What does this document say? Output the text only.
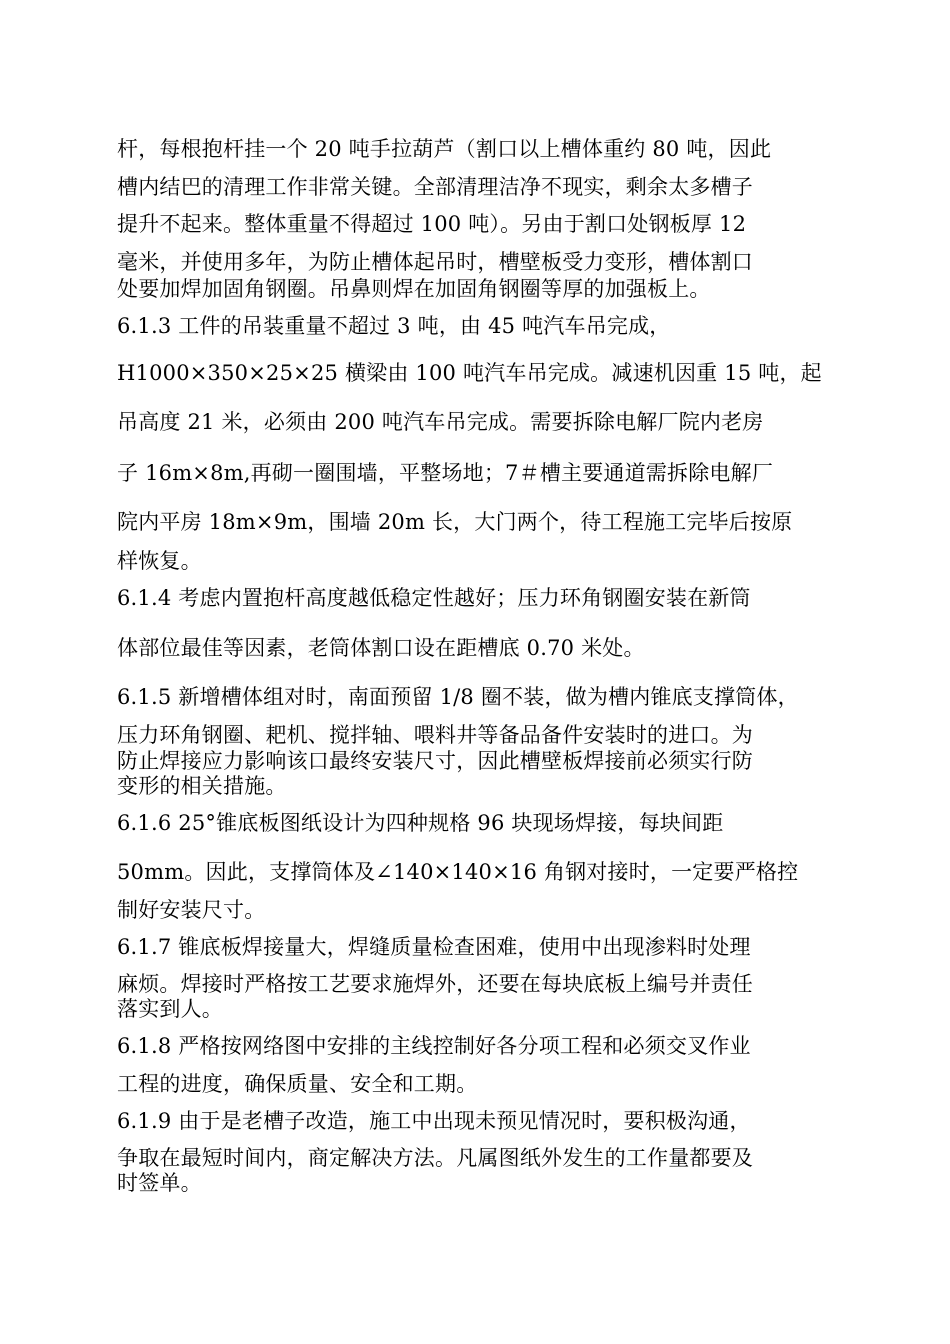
杆，每根抱杆挂一个 20 吨手拉葫芦（割口以上槽体重约 80 吨，因此
槽内结巴的清理工作非常关键。全部清理洁净不现实，剩余太多槽子
提升不起来。整体重量不得超过 100 吨）。另由于割口处钢板厚 12
毫米，并使用多年，为防止槽体起吊时，槽壁板受力变形，槽体割口
处要加焊加固角钢圈。吊鼻则焊在加固角钢圈等厚的加强板上。
6.1.3 工件的吊装重量不超过 3 吨，由 45 吨汽车吊完成，
H1000×350×25×25 横梁由 100 吨汽车吊完成。减速机因重 15 吨，起
吊高度 21 米，必须由 200 吨汽车吊完成。需要拆除电解厂院内老房
子 16m×8m,再砌一圈围墙，平整场地；7＃槽主要通道需拆除电解厂
院内平房 18m×9m，围墙 20m 长，大门两个，待工程施工完毕后按原
样恢复。
6.1.4 考虑内置抱杆高度越低稳定性越好；压力环角钢圈安装在新筒
体部位最佳等因素，老筒体割口设在距槽底 0.70 米处。
6.1.5 新增槽体组对时，南面预留 1/8 圈不装，做为槽内锥底支撑筒体，
压力环角钢圈、耙机、搅拌轴、喂料井等备品备件安装时的进口。为
防止焊接应力影响该口最终安装尺寸，因此槽壁板焊接前必须实行防
变形的相关措施。
6.1.6 25°锥底板图纸设计为四种规格 96 块现场焊接，每块间距
50mm。因此，支撑筒体及∠140×140×16 角钢对接时，一定要严格控
制好安装尺寸。
6.1.7 锥底板焊接量大，焊缝质量检查困难，使用中出现渗料时处理
麻烦。焊接时严格按工艺要求施焊外，还要在每块底板上编号并责任
落实到人。
6.1.8 严格按网络图中安排的主线控制好各分项工程和必须交叉作业
工程的进度，确保质量、安全和工期。
6.1.9 由于是老槽子改造，施工中出现未预见情况时，要积极沟通，
争取在最短时间内，商定解决方法。凡属图纸外发生的工作量都要及
时签单。
